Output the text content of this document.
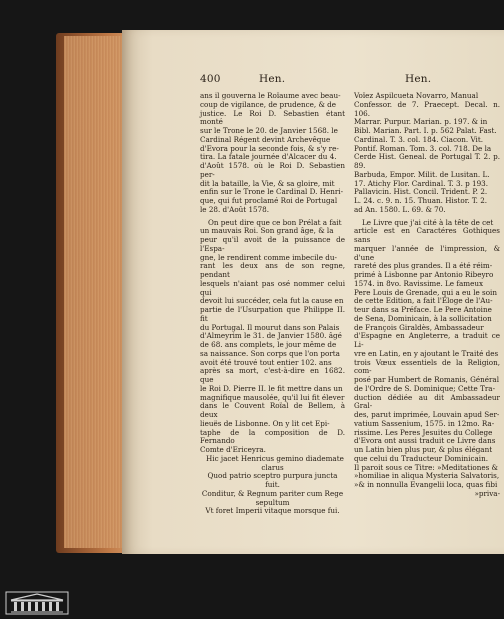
400	Hen.	Hen.

ans il gouverna le Roïaume avec beau-

coup de vigilance, de prudence, & de

justice. Le Roi D. Sebastien étant monté

sur le Trone le 20. de Janvier 1568. le

Cardinal Régent devint Archevêque

d'Evora pour la seconde fois, & s'y re-

tira. La fatale journée d'Alcacer du 4.

d'Août 1578. où le Roi D. Sebastien per-

dit la bataille, la Vie, & sa gloire, mit

enfin sur le Trone le Cardinal D. Henri-

que, qui fut proclamé Roi de Portugal

le 28. d'Août 1578.

On peut dire que ce bon Prélat a fait

un mauvais Roi. Son grand âge, & la

peur qu'il avoit de la puissance de l'Espa-

gne, le rendirent comme imbecile du-

rant les deux ans de son regne, pendant

lesquels n'aiant pas osé nommer celui qui

devoit lui succéder, cela fut la cause en

partie de l'Usurpation que Philippe II. fit

du Portugal. Il mourut dans son Palais

d'Almeyrim le 31. de Janvier 1580. âgé

de 68. ans complets, le jour même de

sa naissance. Son corps que l'on porta

avoit été trouvé tout entier 102. ans

après sa mort, c'est-à-dire en 1682. que

le Roi D. Pierre II. le fit mettre dans un

magnifique mausolée, qu'il lui fit élever

dans le Couvent Roïal de Bellem, à deux

lieuës de Lisbonne. On y lit cet Epi-

taphe de la composition de D. Fernando

Comte d'Ericeyra.

Hic jacet Henricus gemino diademate

clarus

Quod patrio sceptro purpura juncta

fuit.

Conditur, & Regnum pariter cum Rege

sepultum

Vt foret Imperii vitaque morsque fui.

Voïez Aspilcueta Novarro, Manual

Confessor. de 7. Praecept. Decal. n. 106.

Marrar. Purpur. Marian. p. 197. & in

Bibl. Marian. Part. I. p. 562 Palat. Fast.

Cardinal. T. 3. col. 184. Ciacon. Vit.

Pontif. Roman. Tom. 3. col. 718. De la

Cerde Hist. Geneal. de Portugal T. 2. p. 89.

Barbuda, Empor. Milit. de Lusitan. L.

17. Atichy Flor. Cardinal. T. 3. p 193.

Pallavicin. Hist. Concil. Trident. P. 2.

L. 24. c. 9. n. 15. Thuan. Histor. T. 2.

ad An. 1580. L. 69. & 70.

Le Livre que j'ai cité à la tête de cet

article est en Caractéres Gothiques sans

marquer l'année de l'impression, & d'une

rareté des plus grandes. Il a été réim-

primé à Lisbonne par Antonio Ribeyro

1574. in 8vo. Ravissime. Le fameux

Pere Louis de Grenade, qui a eu le soin

de cette Edition, a fait l'Eloge de l'Au-

teur dans sa Préface. Le Pere Antoine

de Sena, Dominicain, à la sollicitation

de François Giraldès, Ambassadeur

d'Espagne en Angleterre, a traduit ce Li-

vre en Latin, en y ajoutant le Traité des

trois Vœux essentiels de la Religion, com-

posé par Humbert de Romanis, Général

de l'Ordre de S. Dominique; Cette Tra-

duction dédiée au dit Ambassadeur Gral-

des, parut imprimée, Louvain apud Ser-

vatium Sassenium, 1575. in 12mo. Ra-

rissime. Les Peres Jesuites du College

d'Evora ont aussi traduit ce Livre dans

un Latin bien plus pur, & plus élégant

que celui du Traducteur Dominicain.

Il paroit sous ce Titre: »Meditationes &

»homiliae in aliqua Mysteria Salvatoris,

»& in nonnulla Evangelii loca, quas fibi

»priva-
